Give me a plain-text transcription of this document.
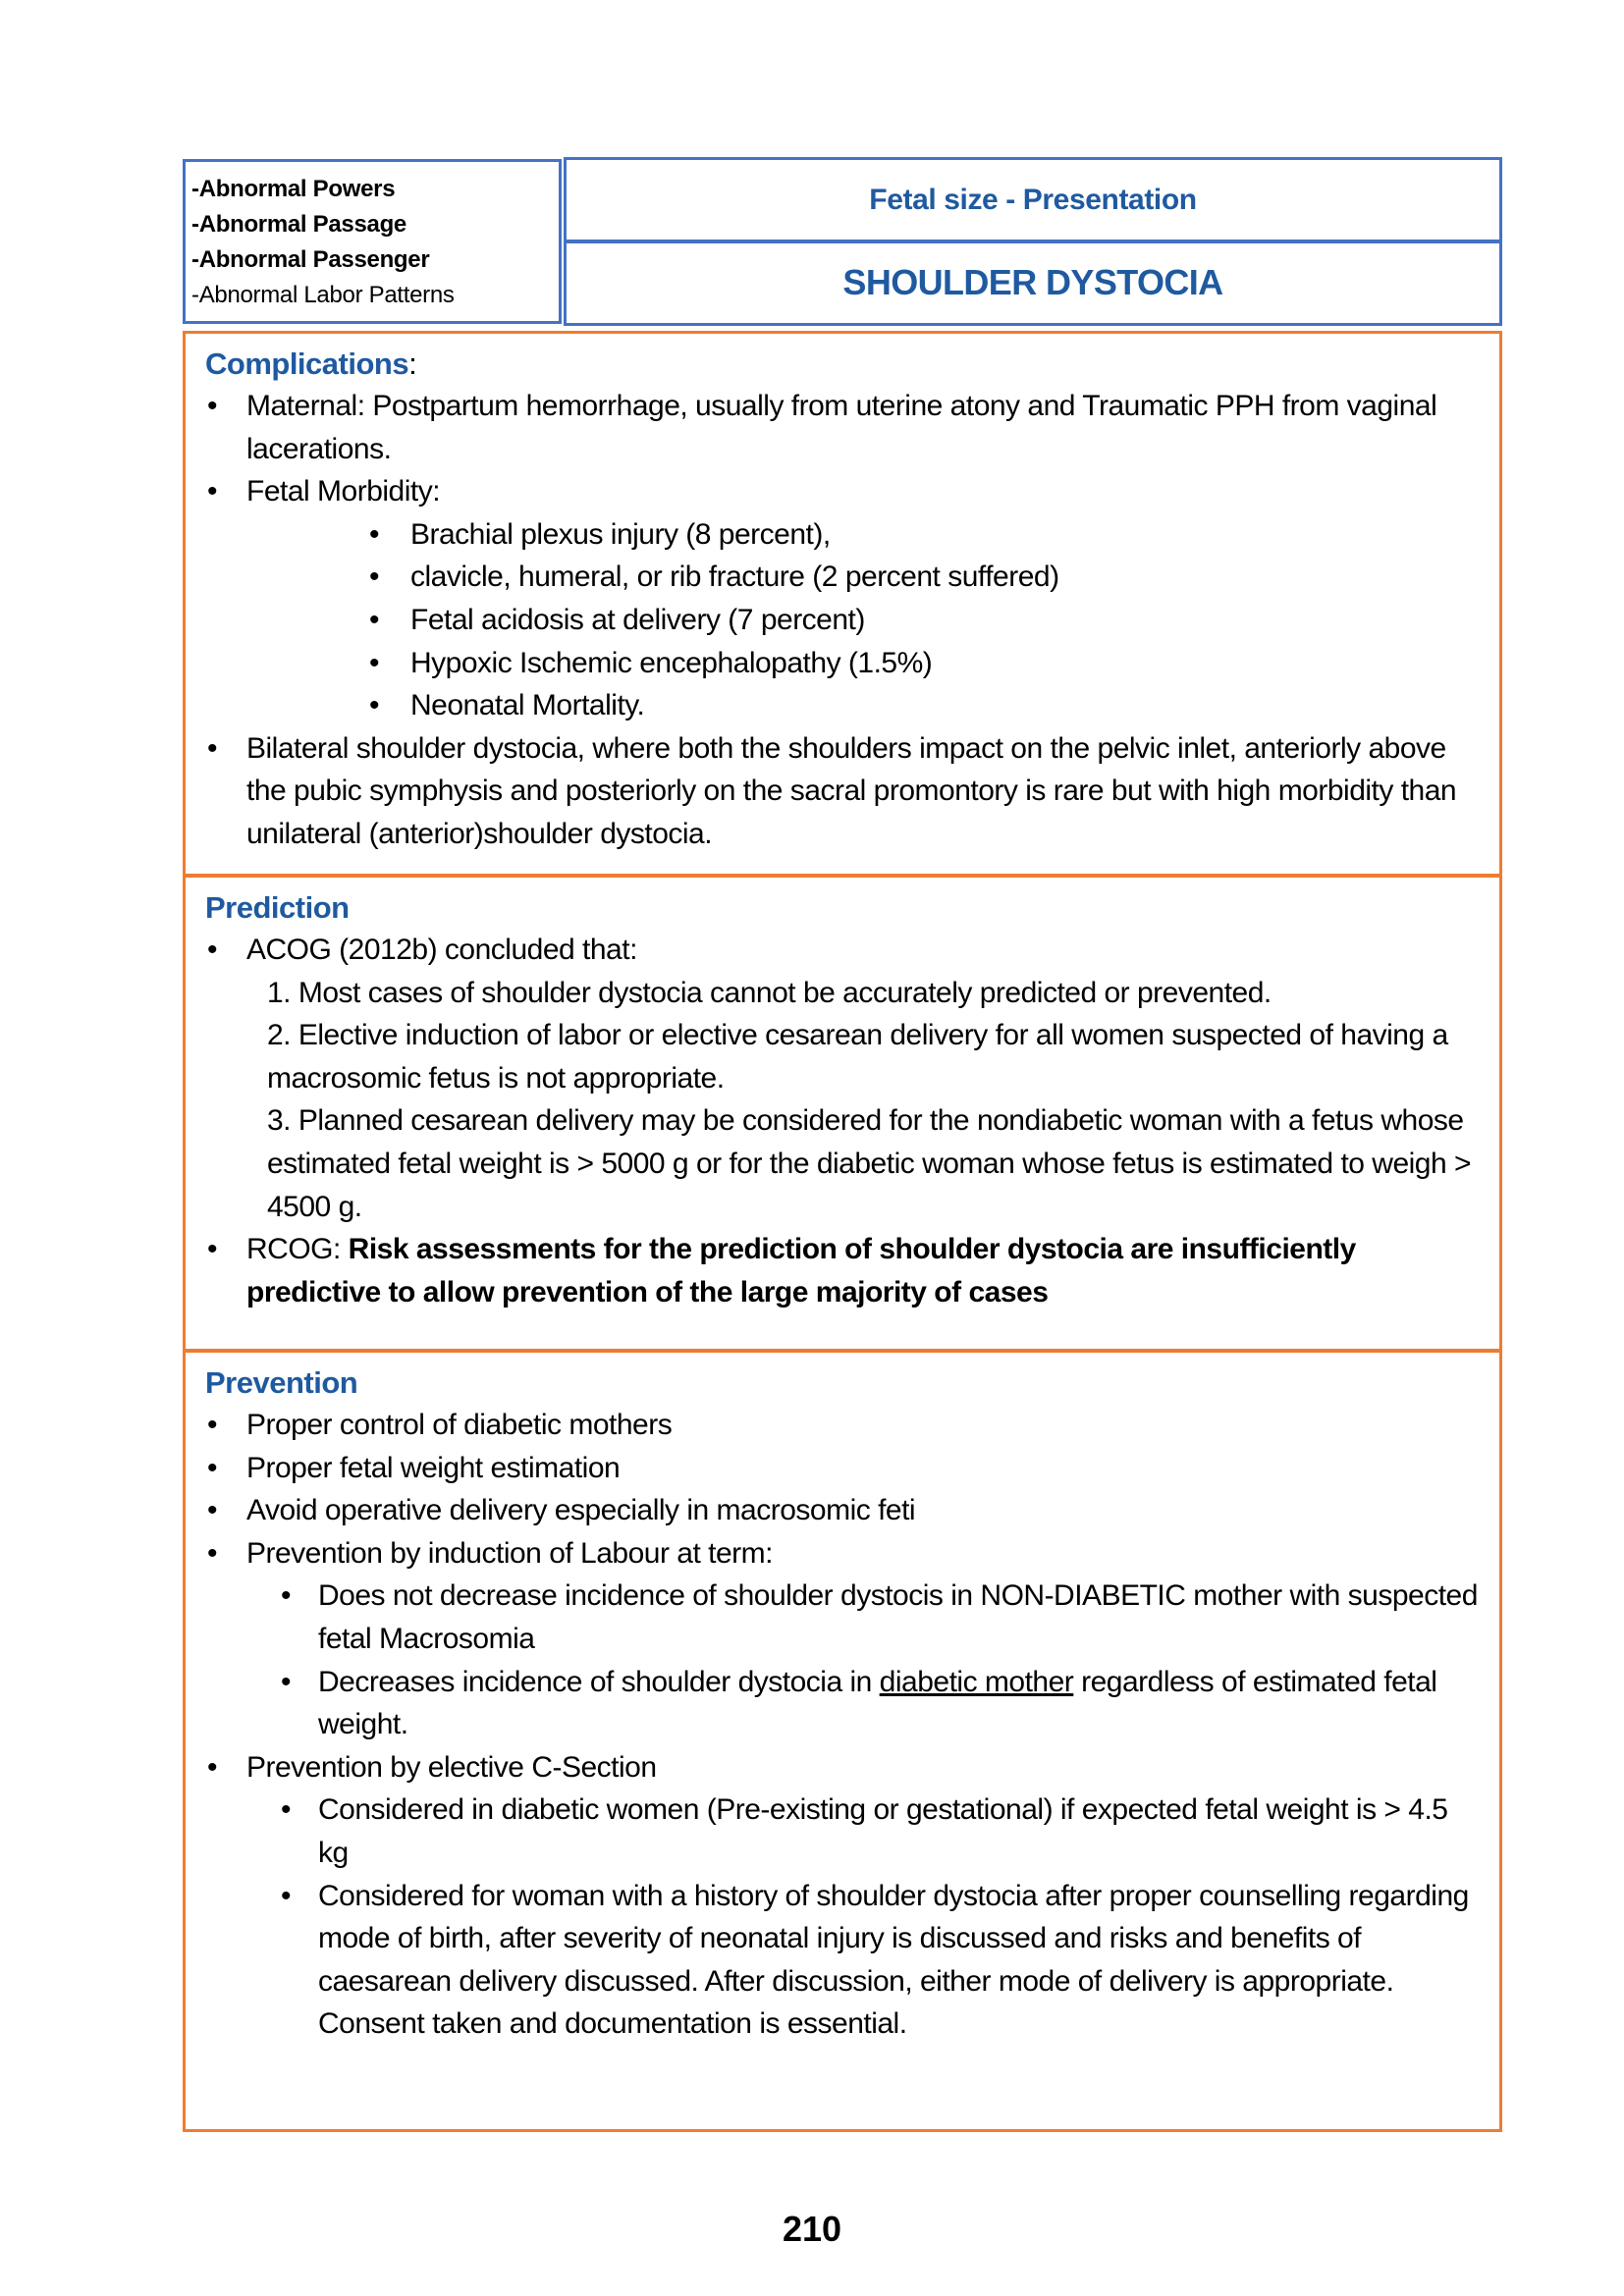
-Abnormal Powers
-Abnormal Passage
-Abnormal Passenger
-Abnormal Labor Patterns
Fetal size - Presentation
SHOULDER DYSTOCIA
Complications:
• Maternal: Postpartum hemorrhage, usually from uterine atony and Traumatic PPH from vaginal lacerations.
• Fetal Morbidity:
• Brachial plexus injury (8 percent),
• clavicle, humeral, or rib fracture (2 percent suffered)
• Fetal acidosis at delivery (7 percent)
• Hypoxic Ischemic encephalopathy (1.5%)
• Neonatal Mortality.
• Bilateral shoulder dystocia, where both the shoulders impact on the pelvic inlet, anteriorly above the pubic symphysis and posteriorly on the sacral promontory is rare but with high morbidity than unilateral (anterior)shoulder dystocia.
Prediction
• ACOG (2012b) concluded that:
1. Most cases of shoulder dystocia cannot be accurately predicted or prevented.
2. Elective induction of labor or elective cesarean delivery for all women suspected of having a macrosomic fetus is not appropriate.
3. Planned cesarean delivery may be considered for the nondiabetic woman with a fetus whose estimated fetal weight is > 5000 g or for the diabetic woman whose fetus is estimated to weigh > 4500 g.
• RCOG: Risk assessments for the prediction of shoulder dystocia are insufficiently predictive to allow prevention of the large majority of cases
Prevention
• Proper control of diabetic mothers
• Proper fetal weight estimation
• Avoid operative delivery especially in macrosomic feti
• Prevention by induction of Labour at term:
• Does not decrease incidence of shoulder dystocis in NON-DIABETIC mother with suspected fetal Macrosomia
• Decreases incidence of shoulder dystocia in diabetic mother regardless of estimated fetal weight.
• Prevention by elective C-Section
• Considered in diabetic women (Pre-existing or gestational) if expected fetal weight is > 4.5 kg
• Considered for woman with a history of shoulder dystocia after proper counselling regarding mode of birth, after severity of neonatal injury is discussed and risks and benefits of caesarean delivery discussed. After discussion, either mode of delivery is appropriate. Consent taken and documentation is essential.
210
